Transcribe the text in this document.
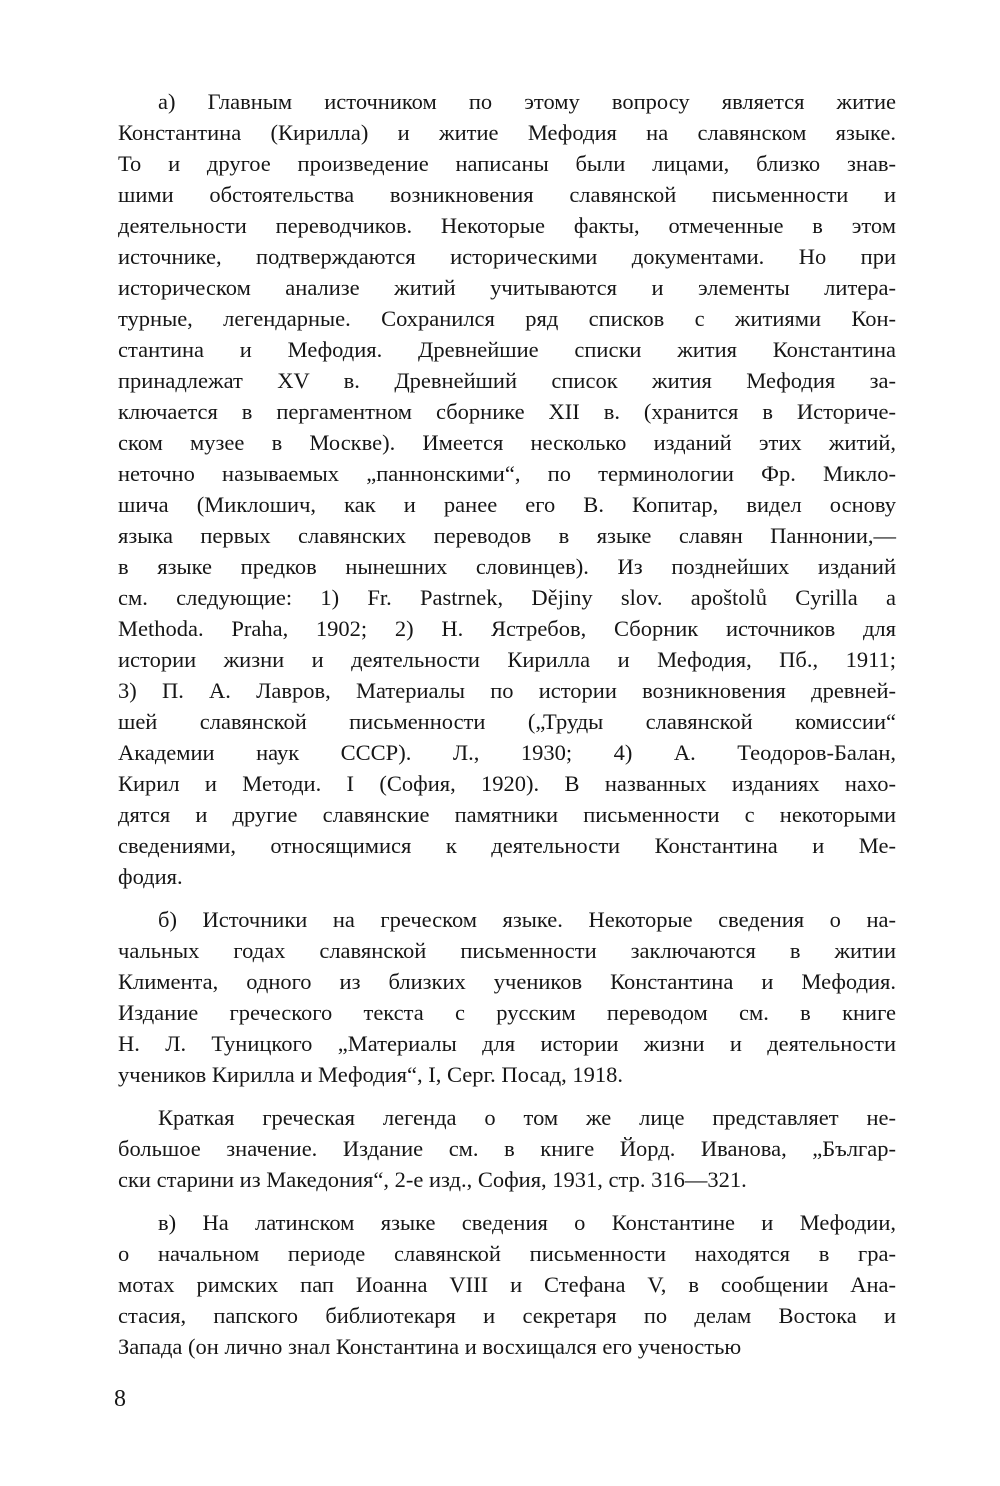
а) Главным источником по этому вопросу является житие
Константина (Кирилла) и житие Мефодия на славянском языке.
То и другое произведение написаны были лицами, близко знав-
шими обстоятельства возникновения славянской письменности и
деятельности переводчиков. Некоторые факты, отмеченные в этом
источнике, подтверждаются историческими документами. Но при
историческом анализе житий учитываются и элементы литера-
турные, легендарные. Сохранился ряд списков с житиями Кон-
стантина и Мефодия. Древнейшие списки жития Константина
принадлежат XV в. Древнейший список жития Мефодия за-
ключается в пергаментном сборнике XII в. (хранится в Историче-
ском музее в Москве). Имеется несколько изданий этих житий,
неточно называемых „паннонскими“, по терминологии Фр. Микло-
шича (Миклошич, как и ранее его В. Копитар, видел основу
языка первых славянских переводов в языке славян Паннонии,—
в языке предков нынешних словинцев). Из позднейших изданий
см. следующие: 1) Fr. Pastrnek, Dějiny slov. apoštolů Cyrilla a
Methoda. Praha, 1902; 2) Н. Ястребов, Сборник источников для
истории жизни и деятельности Кирилла и Мефодия, Пб., 1911;
3) П. А. Лавров, Материалы по истории возникновения древней-
шей славянской письменности („Труды славянской комиссии“
Академии наук СССР). Л., 1930; 4) А. Теодоров-Балан,
Кирил и Методи. I (София, 1920). В названных изданиях нахо-
дятся и другие славянские памятники письменности с некоторыми
сведениями, относящимися к деятельности Константина и Ме-
фодия.
б) Источники на греческом языке. Некоторые сведения о на-
чальных годах славянской письменности заключаются в житии
Климента, одного из близких учеников Константина и Мефодия.
Издание греческого текста с русским переводом см. в книге
Н. Л. Туницкого „Материалы для истории жизни и деятельности
учеников Кирилла и Мефодия“, I, Серг. Посад, 1918.
Краткая греческая легенда о том же лице представляет не-
большое значение. Издание см. в книге Йорд. Иванова, „Българ-
ски старини из Македония“, 2-е изд., София, 1931, стр. 316—321.
в) На латинском языке сведения о Константине и Мефодии,
о начальном периоде славянской письменности находятся в гра-
мотах римских пап Иоанна VIII и Стефана V, в сообщении Ана-
стасия, папского библиотекаря и секретаря по делам Востока и
Запада (он лично знал Константина и восхищался его ученостью
8
